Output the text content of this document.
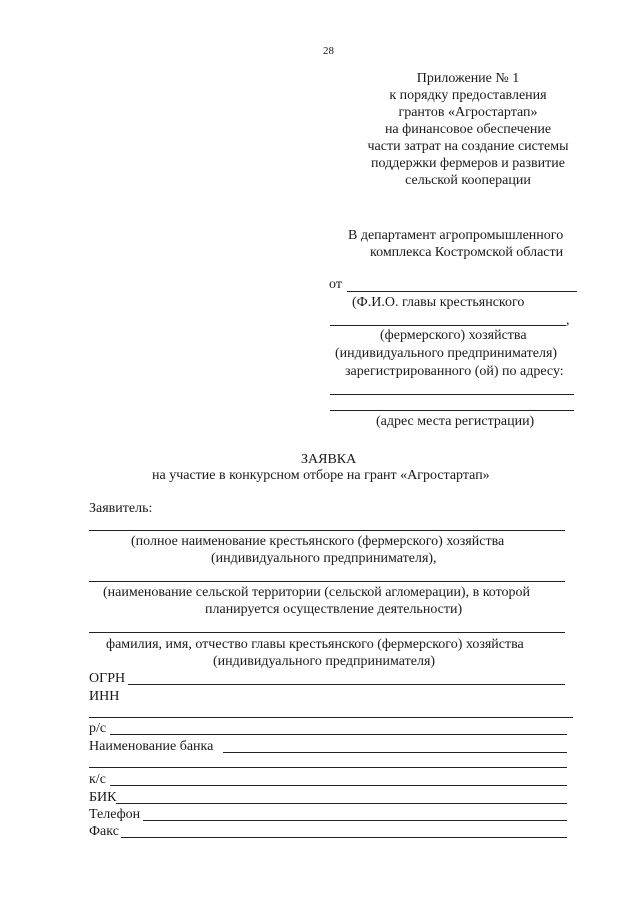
28
Приложение № 1
к порядку предоставления
грантов «Агростартап»
на финансовое обеспечение
части затрат на создание системы
поддержки фермеров и развитие
сельской кооперации
В департамент агропромышленного
комплекса Костромской области
от
(Ф.И.О. главы крестьянского
,
(фермерского) хозяйства
(индивидуального предпринимателя)
зарегистрированного (ой) по адресу:
(адрес места регистрации)
ЗАЯВКА
на участие в конкурсном отборе на грант «Агростартап»
Заявитель:
(полное наименование крестьянского (фермерского) хозяйства
(индивидуального предпринимателя),
(наименование сельской территории (сельской агломерации), в которой
планируется осуществление деятельности)
фамилия, имя, отчество главы крестьянского (фермерского) хозяйства
(индивидуального предпринимателя)
ОГРН
ИНН
р/с
Наименование банка
к/с
БИК
Телефон
Факс
